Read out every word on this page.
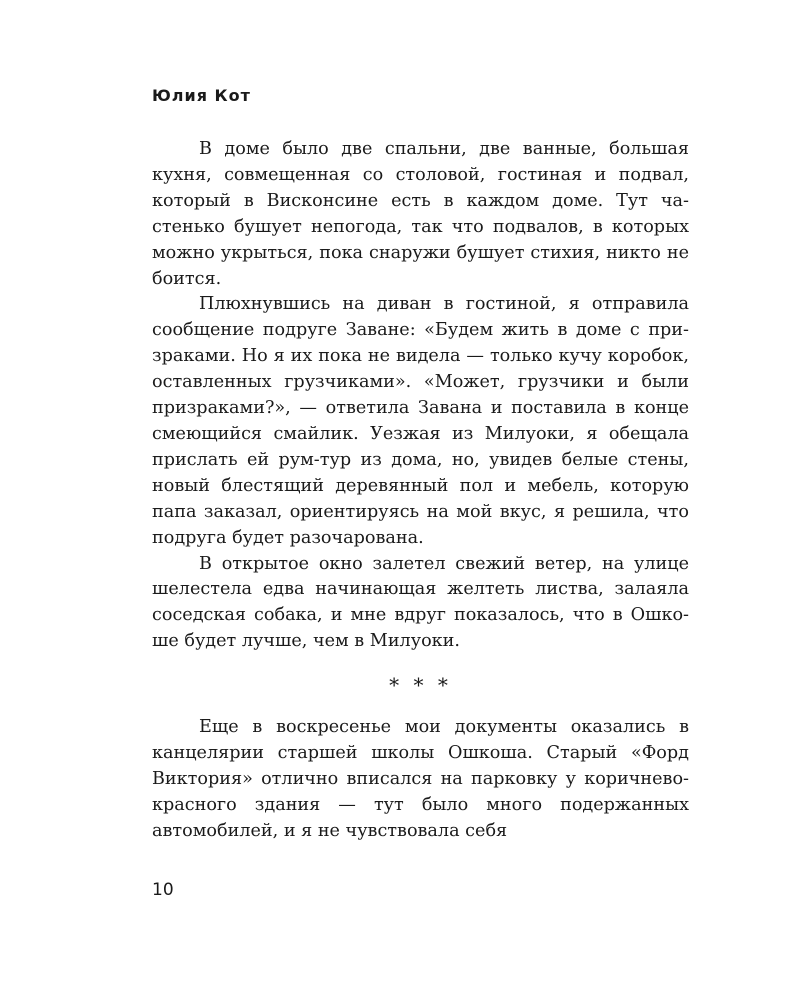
Юлия Кот

В доме было две спальни, две ванные, большая кухня, совмещенная со столовой, гостиная и подвал, который в Висконсине есть в каждом доме. Тут частенько бушует непогода, так что подвалов, в которых можно укрыться, пока снаружи бушует стихия, никто не боится.

Плюхнувшись на диван в гостиной, я отправила сообщение подруге Заване: «Будем жить в доме с призраками. Но я их пока не видела — только кучу коробок, оставленных грузчиками». «Может, грузчики и были призраками?», — ответила Завана и поставила в конце смеющийся смайлик. Уезжая из Милуоки, я обещала прислать ей рум-тур из дома, но, увидев белые стены, новый блестящий деревянный пол и мебель, которую папа заказал, ориентируясь на мой вкус, я решила, что подруга будет разочарована.

В открытое окно залетел свежий ветер, на улице шелестела едва начинающая желтеть листва, залаяла соседская собака, и мне вдруг показалось, что в Ошкоше будет лучше, чем в Милуоки.

* * *

Еще в воскресенье мои документы оказались в канцелярии старшей школы Ошкоша. Старый «Форд Виктория» отлично вписался на парковку у коричнево-красного здания — тут было много подержанных автомобилей, и я не чувствовала себя

10
